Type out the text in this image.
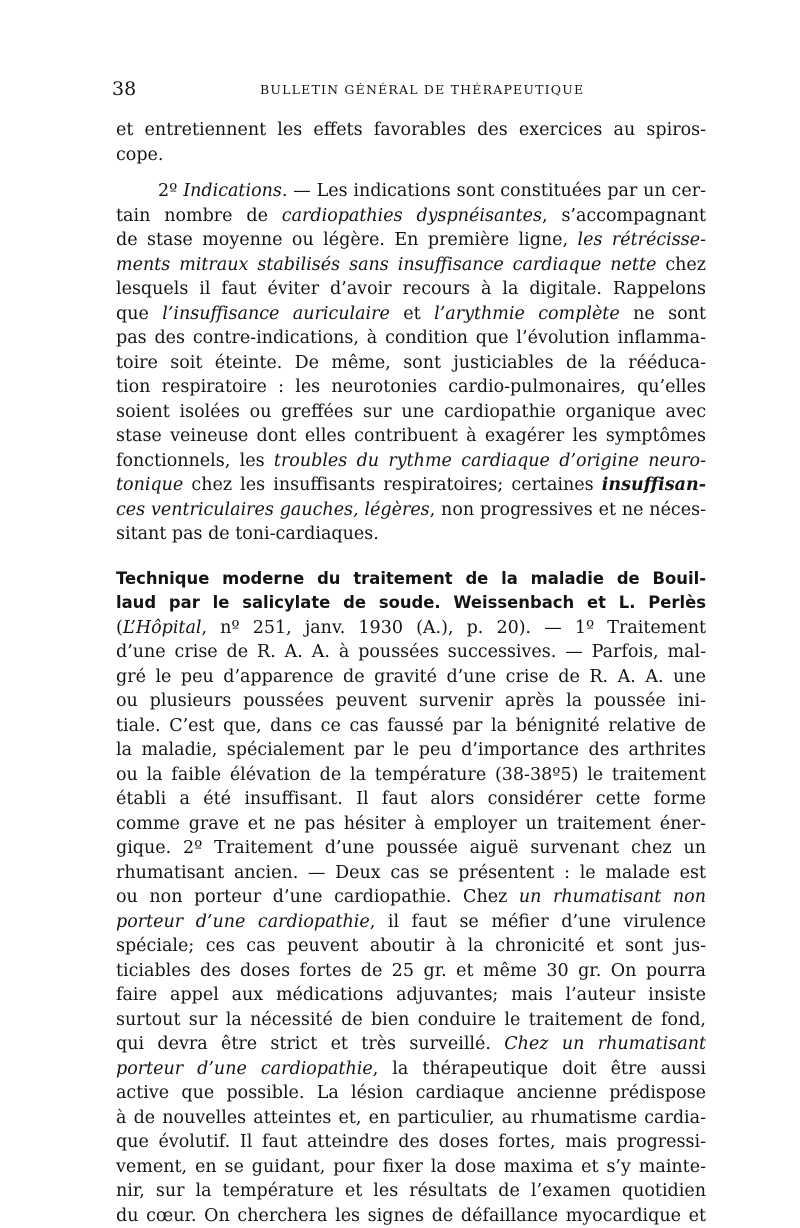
38	BULLETIN GÉNÉRAL DE THÉRAPEUTIQUE
et entretiennent les effets favorables des exercices au spiros-
cope.
2º Indications. — Les indications sont constituées par un cer-
tain nombre de cardiopathies dyspnéisantes, s’accompagnant
de stase moyenne ou légère. En première ligne, les rétrécisse-
ments mitraux stabilisés sans insuffisance cardiaque nette chez
lesquels il faut éviter d’avoir recours à la digitale. Rappelons
que l’insuffisance auriculaire et l’arythmie complète ne sont
pas des contre-indications, à condition que l’évolution inflamma-
toire soit éteinte. De même, sont justiciables de la rééduca-
tion respiratoire : les neurotonies cardio-pulmonaires, qu’elles
soient isolées ou greffées sur une cardiopathie organique avec
stase veineuse dont elles contribuent à exagérer les symptômes
fonctionnels, les troubles du rythme cardiaque d’origine neuro-
tonique chez les insuffisants respiratoires; certaines insuffisan-
ces ventriculaires gauches, légères, non progressives et ne néces-
sitant pas de toni-cardiaques.
Technique moderne du traitement de la maladie de Bouil-
laud par le salicylate de soude. Weissenbach et L. Perlès
(L’Hôpital, nº 251, janv. 1930 (A.), p. 20). — 1º Traitement
d’une crise de R. A. A. à poussées successives. — Parfois, mal-
gré le peu d’apparence de gravité d’une crise de R. A. A. une
ou plusieurs poussées peuvent survenir après la poussée ini-
tiale. C’est que, dans ce cas faussé par la bénignité relative de
la maladie, spécialement par le peu d’importance des arthrites
ou la faible élévation de la température (38-38º5) le traitement
établi a été insuffisant. Il faut alors considérer cette forme
comme grave et ne pas hésiter à employer un traitement éner-
gique. 2º Traitement d’une poussée aiguë survenant chez un
rhumatisant ancien. — Deux cas se présentent : le malade est
ou non porteur d’une cardiopathie. Chez un rhumatisant non
porteur d’une cardiopathie, il faut se méfier d’une virulence
spéciale; ces cas peuvent aboutir à la chronicité et sont jus-
ticiables des doses fortes de 25 gr. et même 30 gr. On pourra
faire appel aux médications adjuvantes; mais l’auteur insiste
surtout sur la nécessité de bien conduire le traitement de fond,
qui devra être strict et très surveillé. Chez un rhumatisant
porteur d’une cardiopathie, la thérapeutique doit être aussi
active que possible. La lésion cardiaque ancienne prédispose
à de nouvelles atteintes et, en particulier, au rhumatisme cardia-
que évolutif. Il faut atteindre des doses fortes, mais progressi-
vement, en se guidant, pour fixer la dose maxima et s’y mainte-
nir, sur la température et les résultats de l’examen quotidien
du cœur. On cherchera les signes de défaillance myocardique et
